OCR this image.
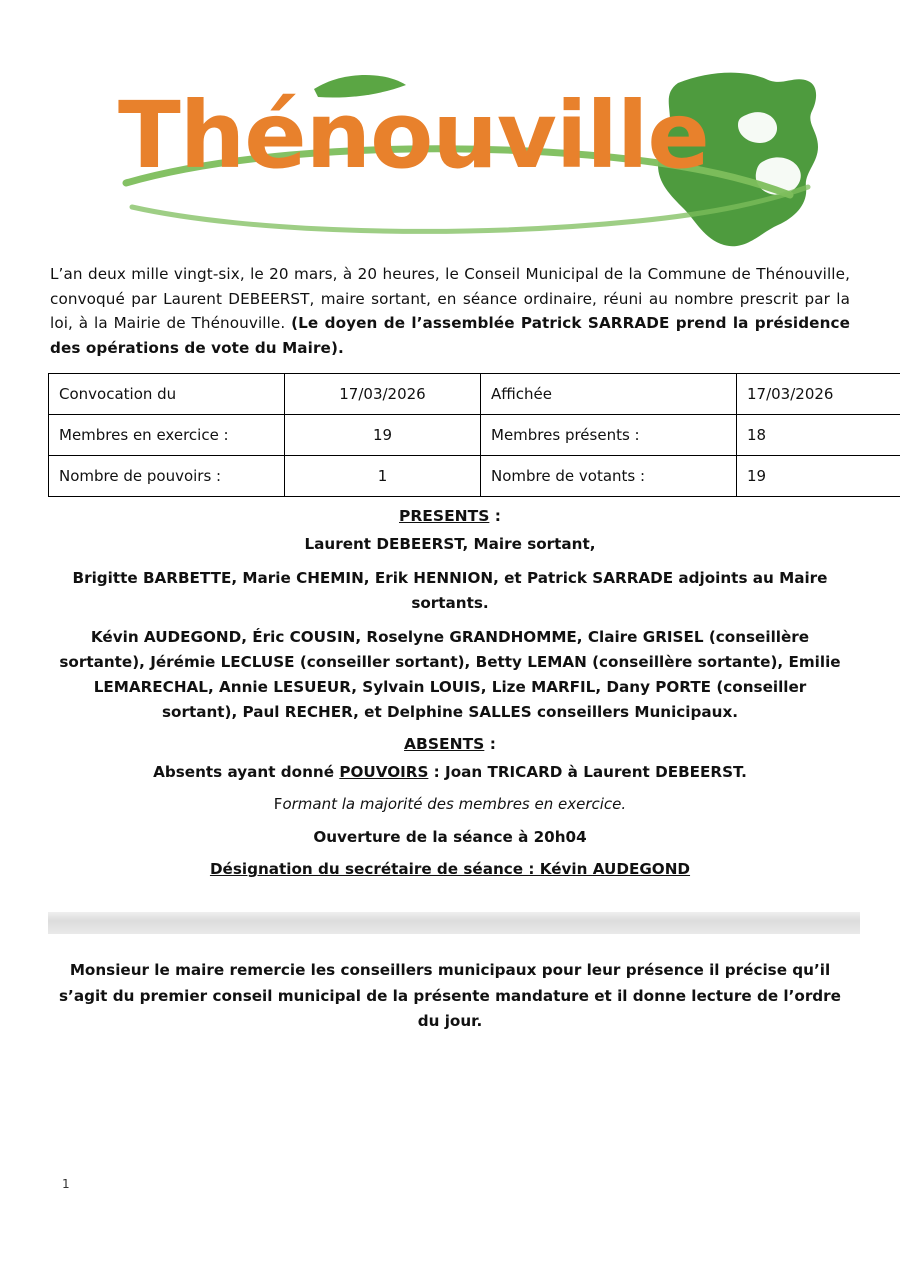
Thénouville

L’an deux mille vingt-six, le 20 mars, à 20 heures, le Conseil Municipal de la Commune de Thénouville, convoqué par Laurent DEBEERST, maire sortant, en séance ordinaire, réuni au nombre prescrit par la loi, à la Mairie de Thénouville. (Le doyen de l’assemblée Patrick SARRADE prend la présidence des opérations de vote du Maire).

Convocation du	17/03/2026	Affichée	17/03/2026
Membres en exercice :	19	Membres présents :	18
Nombre de pouvoirs :	1	Nombre de votants :	19
PRESENTS :
Laurent DEBEERST, Maire sortant,
Brigitte BARBETTE, Marie CHEMIN, Erik HENNION, et Patrick SARRADE adjoints au Maire sortants.
Kévin AUDEGOND, Éric COUSIN, Roselyne GRANDHOMME, Claire GRISEL (conseillère sortante), Jérémie LECLUSE (conseiller sortant), Betty LEMAN (conseillère sortante), Emilie LEMARECHAL, Annie LESUEUR, Sylvain LOUIS, Lize MARFIL, Dany PORTE (conseiller sortant), Paul RECHER, et Delphine SALLES conseillers Municipaux.
ABSENTS :
Absents ayant donné POUVOIRS : Joan TRICARD à Laurent DEBEERST.
Formant la majorité des membres en exercice.
Ouverture de la séance à 20h04
Désignation du secrétaire de séance : Kévin AUDEGOND
Monsieur le maire remercie les conseillers municipaux pour leur présence il précise qu’il s’agit du premier conseil municipal de la présente mandature et il donne lecture de l’ordre du jour.
1
